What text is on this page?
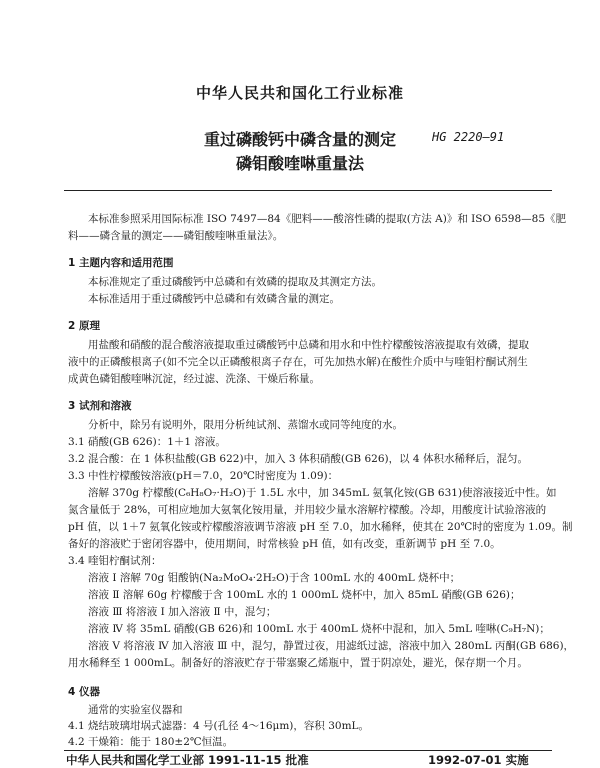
中华人民共和国化工行业标准
重过磷酸钙中磷含量的测定
磷钼酸喹啉重量法
HG 2220—91
本标准参照采用国际标准 ISO 7497—84《肥料——酸溶性磷的提取(方法 A)》和 ISO 6598—85《肥
料——磷含量的测定——磷钼酸喹啉重量法》。
1 主题内容和适用范围
本标准规定了重过磷酸钙中总磷和有效磷的提取及其测定方法。
本标准适用于重过磷酸钙中总磷和有效磷含量的测定。
2 原理
用盐酸和硝酸的混合酸溶液提取重过磷酸钙中总磷和用水和中性柠檬酸铵溶液提取有效磷，提取
液中的正磷酸根离子(如不完全以正磷酸根离子存在，可先加热水解)在酸性介质中与喹钼柠酮试剂生
成黄色磷钼酸喹啉沉淀，经过滤、洗涤、干燥后称量。
3 试剂和溶液
分析中，除另有说明外，限用分析纯试剂、蒸馏水或同等纯度的水。
3.1 硝酸(GB 626)：1＋1 溶液。
3.2 混合酸：在 1 体积盐酸(GB 622)中，加入 3 体积硝酸(GB 626)，以 4 体积水稀释后，混匀。
3.3 中性柠檬酸铵溶液(pH＝7.0，20℃时密度为 1.09)：
溶解 370g 柠檬酸(C₆H₈O₇·H₂O)于 1.5L 水中，加 345mL 氨氧化铵(GB 631)使溶液接近中性。如
氮含量低于 28%，可相应地加大氨氧化铵用量，并用较少量水溶解柠檬酸。冷却，用酸度计试验溶液的
pH 值，以 1＋7 氨氧化铵或柠檬酸溶液调节溶液 pH 至 7.0，加水稀释，使其在 20℃时的密度为 1.09。制
备好的溶液贮于密闭容器中，使用期间，时常核验 pH 值，如有改变，重新调节 pH 至 7.0。
3.4 喹钼柠酮试剂：
溶液 Ⅰ 溶解 70g 钼酸钠(Na₂MoO₄·2H₂O)于含 100mL 水的 400mL 烧杯中；
溶液 Ⅱ 溶解 60g 柠檬酸于含 100mL 水的 1 000mL 烧杯中，加入 85mL 硝酸(GB 626)；
溶液 Ⅲ 将溶液 Ⅰ 加入溶液 Ⅱ 中，混匀；
溶液 Ⅳ 将 35mL 硝酸(GB 626)和 100mL 水于 400mL 烧杯中混和，加入 5mL 喹啉(C₉H₇N)；
溶液 Ⅴ 将溶液 Ⅳ 加入溶液 Ⅲ 中，混匀，静置过夜，用滤纸过滤，溶液中加入 280mL 丙酮(GB 686)，
用水稀释至 1 000mL。制备好的溶液贮存于带塞聚乙烯瓶中，置于阴凉处，避光，保存期一个月。
4 仪器
通常的实验室仪器和
4.1 烧结玻璃坩埚式滤器：4 号(孔径 4～16μm)，容积 30mL。
4.2 干燥箱：能于 180±2℃恒温。
中华人民共和国化学工业部 1991-11-15 批准	1992-07-01 实施
